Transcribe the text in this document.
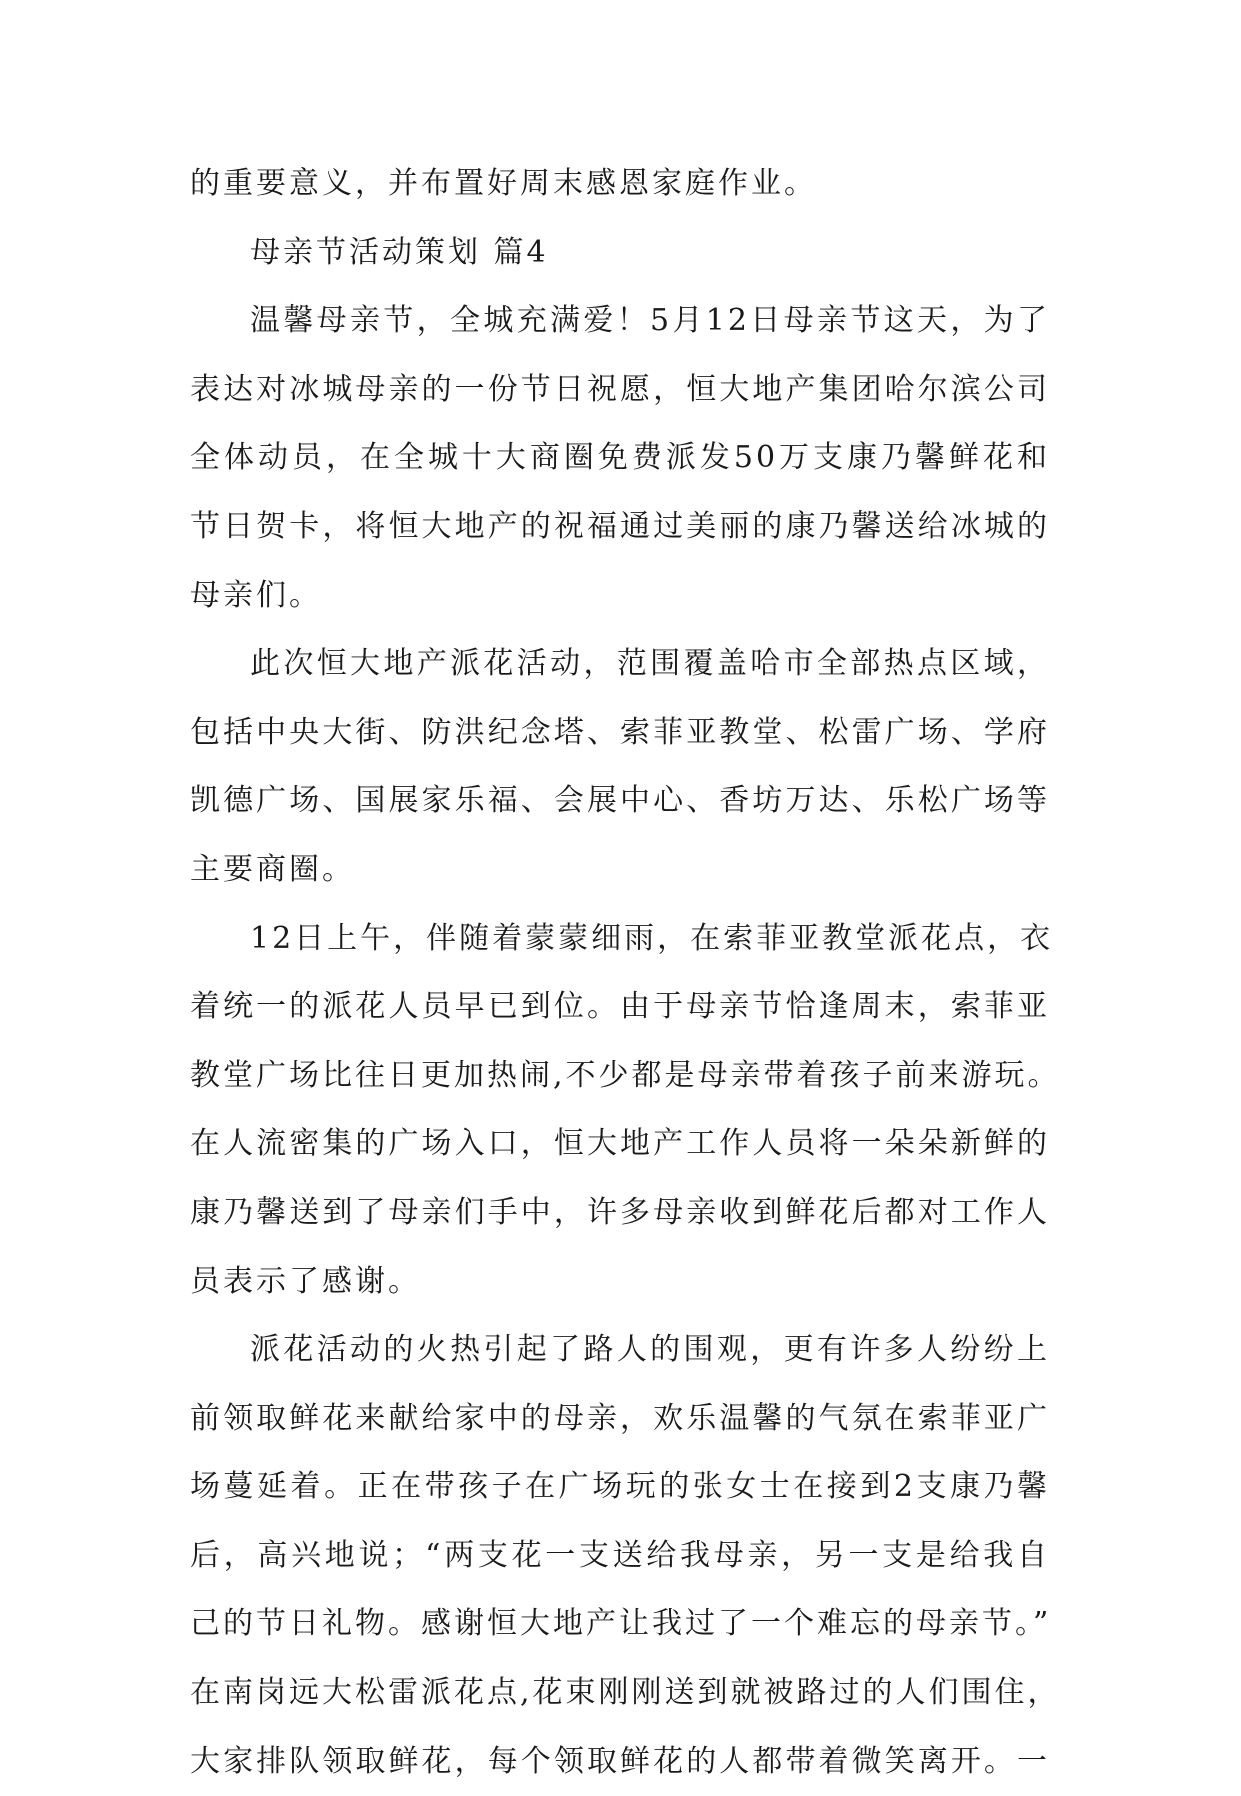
的重要意义，并布置好周末感恩家庭作业。
母亲节活动策划 篇4
温馨母亲节，全城充满爱！5月12日母亲节这天，为了
表达对冰城母亲的一份节日祝愿，恒大地产集团哈尔滨公司
全体动员，在全城十大商圈免费派发50万支康乃馨鲜花和
节日贺卡，将恒大地产的祝福通过美丽的康乃馨送给冰城的
母亲们。
此次恒大地产派花活动，范围覆盖哈市全部热点区域，
包括中央大街、防洪纪念塔、索菲亚教堂、松雷广场、学府
凯德广场、国展家乐福、会展中心、香坊万达、乐松广场等
主要商圈。
12日上午，伴随着蒙蒙细雨，在索菲亚教堂派花点，衣
着统一的派花人员早已到位。由于母亲节恰逢周末，索菲亚
教堂广场比往日更加热闹,不少都是母亲带着孩子前来游玩。
在人流密集的广场入口，恒大地产工作人员将一朵朵新鲜的
康乃馨送到了母亲们手中，许多母亲收到鲜花后都对工作人
员表示了感谢。
派花活动的火热引起了路人的围观，更有许多人纷纷上
前领取鲜花来献给家中的母亲，欢乐温馨的气氛在索菲亚广
场蔓延着。正在带孩子在广场玩的张女士在接到2支康乃馨
后，高兴地说；“两支花一支送给我母亲，另一支是给我自
己的节日礼物。感谢恒大地产让我过了一个难忘的母亲节。”
在南岗远大松雷派花点,花束刚刚送到就被路过的人们围住，
大家排队领取鲜花，每个领取鲜花的人都带着微笑离开。一
